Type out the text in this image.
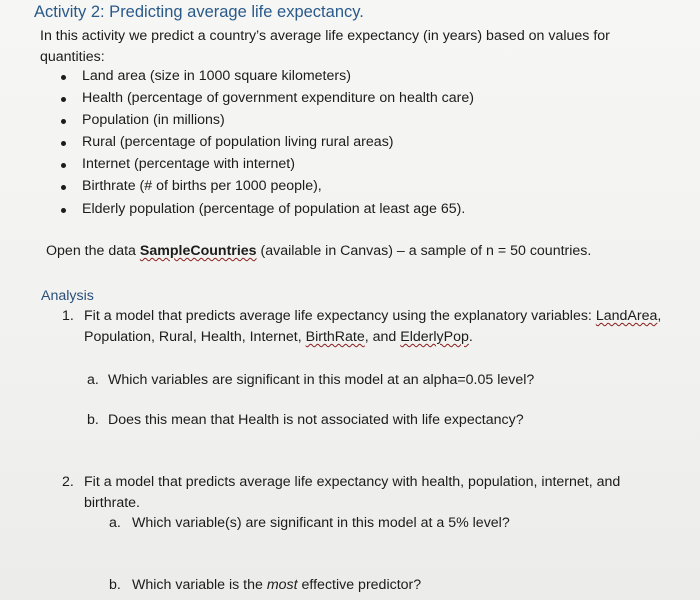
Activity 2: Predicting average life expectancy.
In this activity we predict a country’s average life expectancy (in years) based on values for
quantities:
Land area (size in 1000 square kilometers)
Health (percentage of government expenditure on health care)
Population (in millions)
Rural (percentage of population living rural areas)
Internet (percentage with internet)
Birthrate (# of births per 1000 people),
Elderly population (percentage of population at least age 65).
Open the data SampleCountries (available in Canvas) – a sample of n = 50 countries.
Analysis
1. Fit a model that predicts average life expectancy using the explanatory variables: LandArea,
Population, Rural, Health, Internet, BirthRate, and ElderlyPop.
a. Which variables are significant in this model at an alpha=0.05 level?
b. Does this mean that Health is not associated with life expectancy?
2. Fit a model that predicts average life expectancy with health, population, internet, and
birthrate.
a. Which variable(s) are significant in this model at a 5% level?
b. Which variable is the most effective predictor?
